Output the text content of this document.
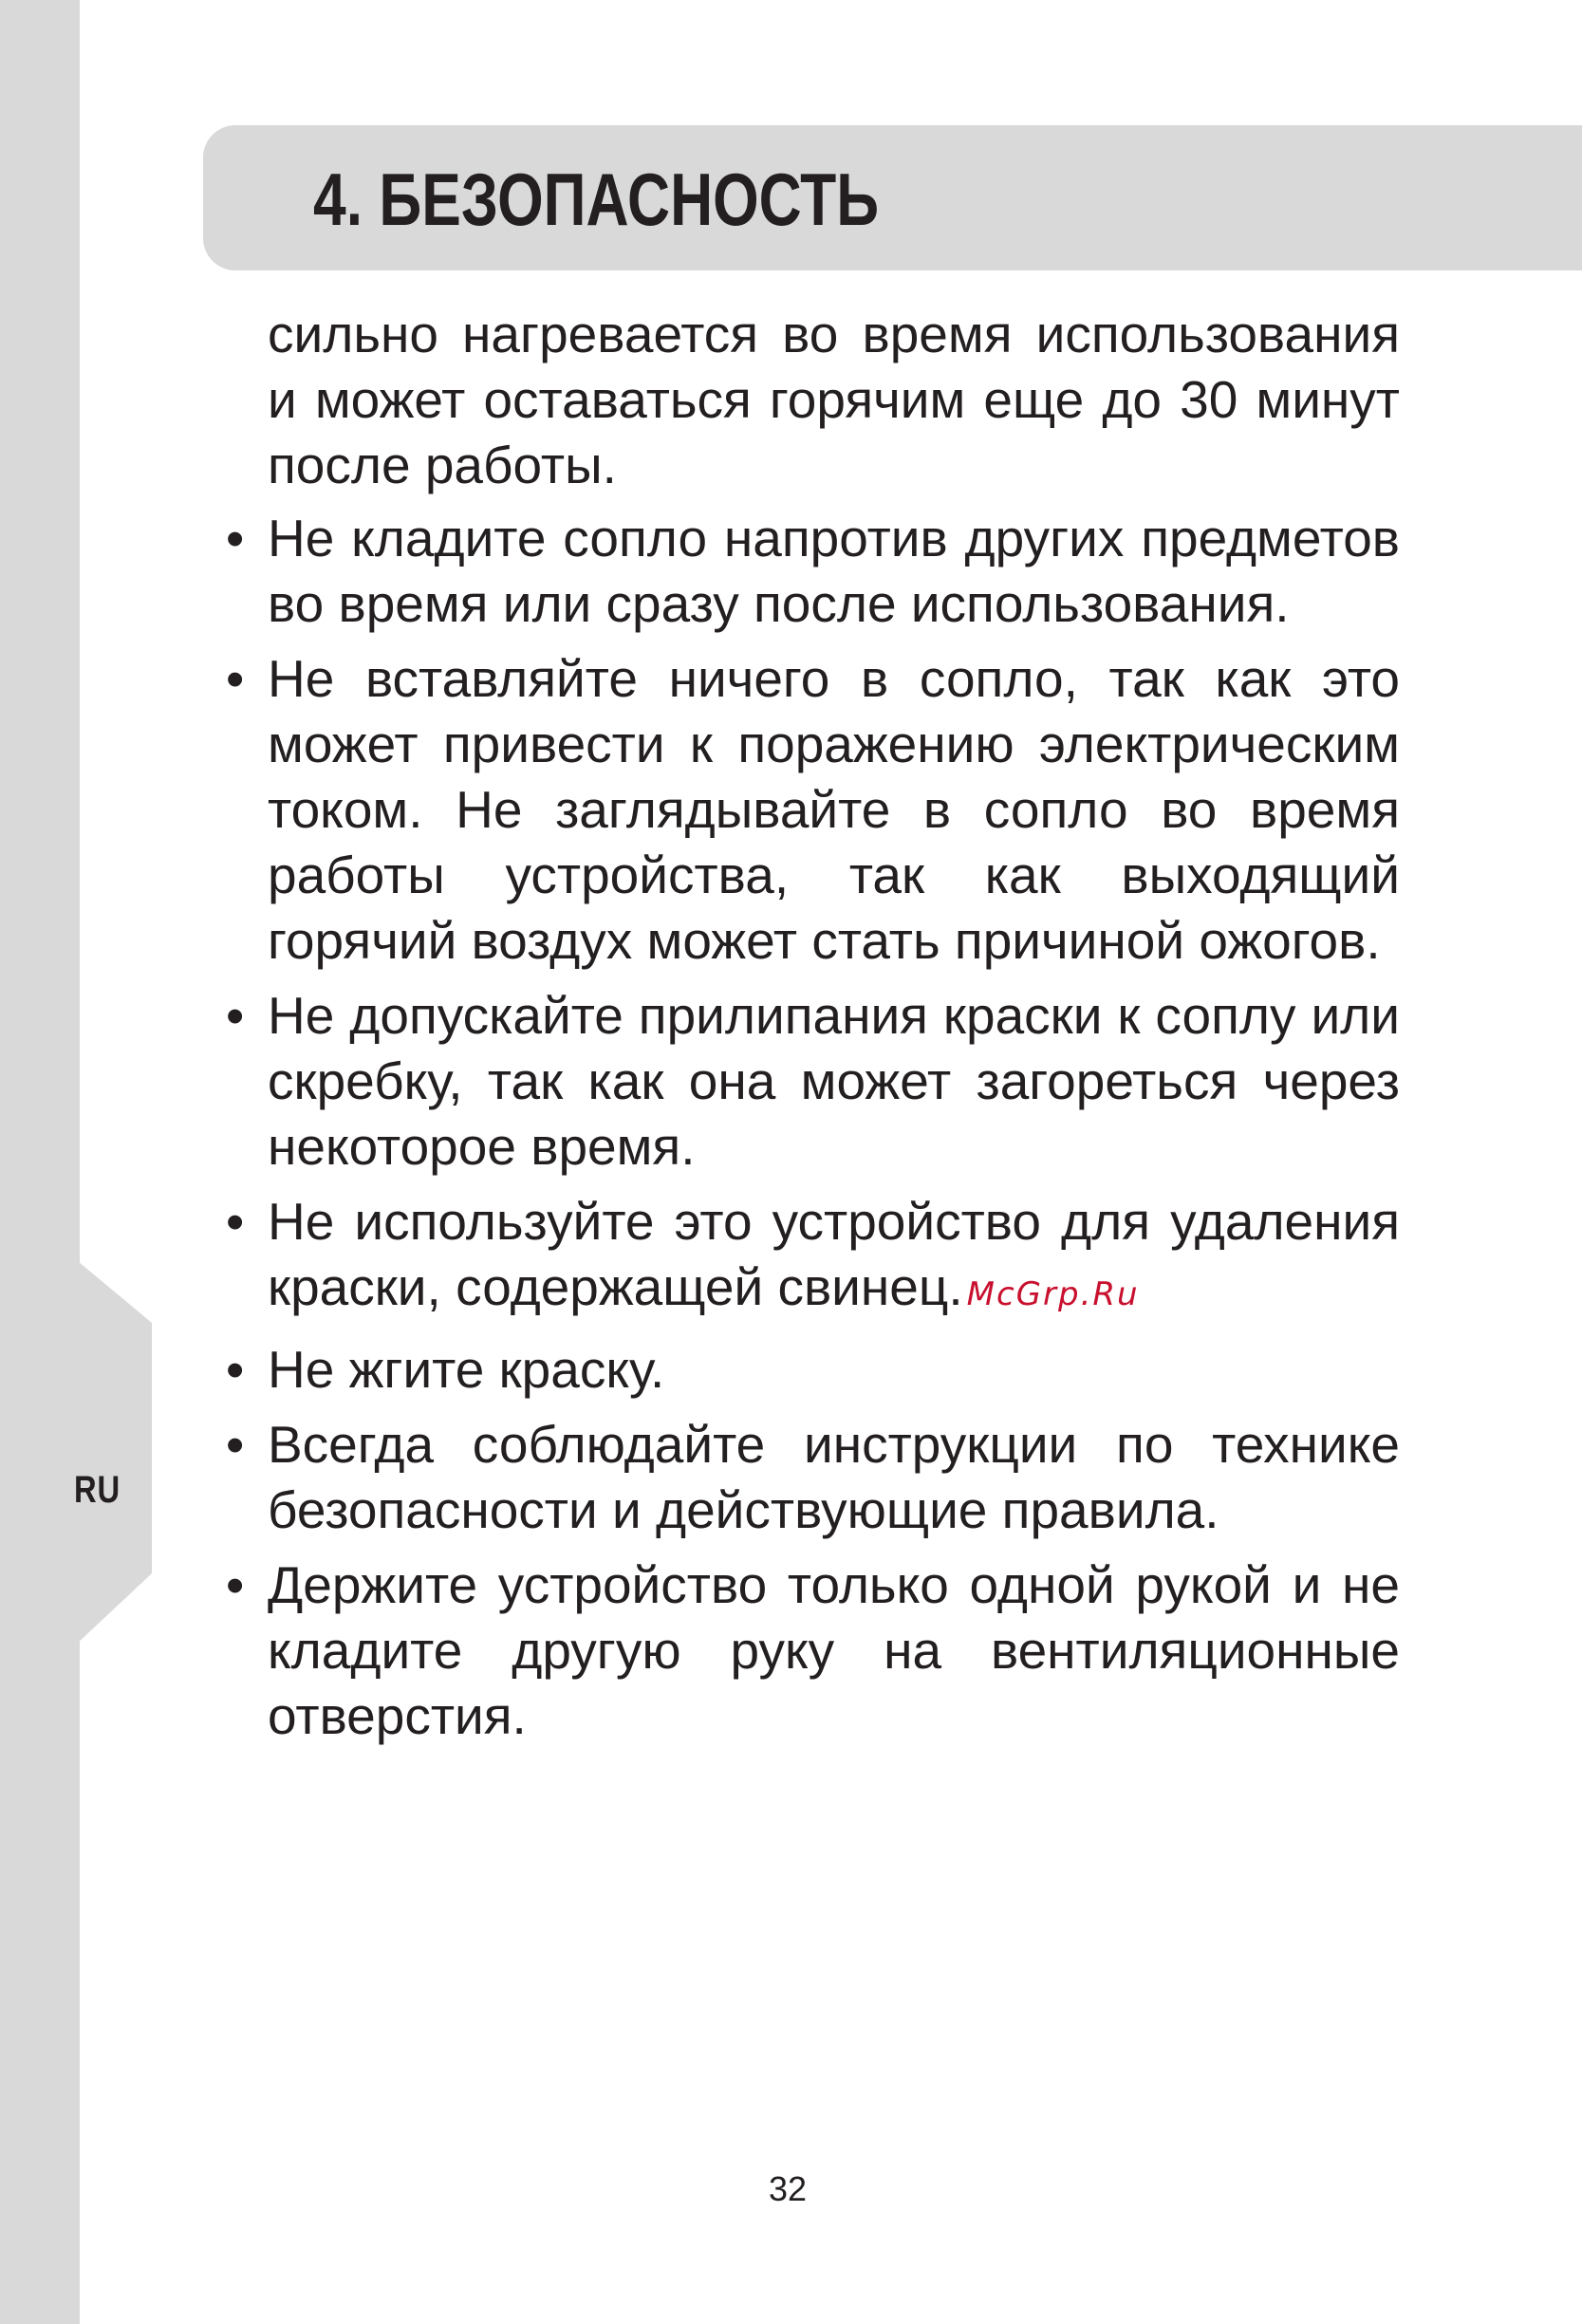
RU
4. БЕЗОПАСНОСТЬ

сильно нагревается во время использования и может оставаться горячим еще до 30 минут после работы.

• Не кладите сопло напротив других предметов во время или сразу после использования.

• Не вставляйте ничего в сопло, так как это может привести к поражению электрическим током. Не заглядывайте в сопло во время работы устройства, так как выходящий горячий воздух может стать причиной ожогов.

• Не допускайте прилипания краски к соплу или скребку, так как она может загореться через некоторое время.

• Не используйте это устройство для удаления краски, содержащей свинец. McGrp.Ru

• Не жгите краску.

• Всегда соблюдайте инструкции по технике безопасности и действующие правила.

• Держите устройство только одной рукой и не кладите другую руку на вентиляционные отверстия.

32
